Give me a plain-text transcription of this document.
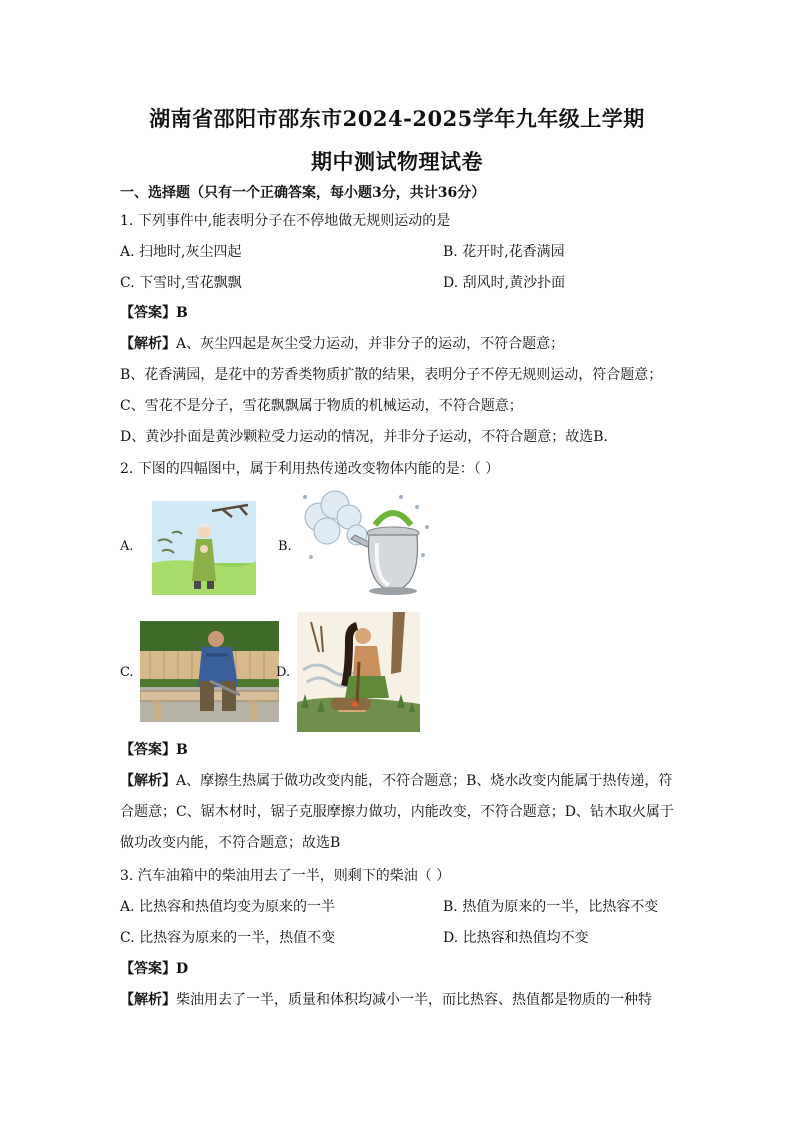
湖南省邵阳市邵东市2024-2025学年九年级上学期
期中测试物理试卷
一、选择题（只有一个正确答案，每小题3分，共计36分）
1. 下列事件中,能表明分子在不停地做无规则运动的是
A. 扫地时,灰尘四起	B. 花开时,花香满园
C. 下雪时,雪花飘飘	D. 刮风时,黄沙扑面
【答案】B
【解析】A、灰尘四起是灰尘受力运动，并非分子的运动，不符合题意；
B、花香满园，是花中的芳香类物质扩散的结果，表明分子不停无规则运动，符合题意；
C、雪花不是分子，雪花飘飘属于物质的机械运动，不符合题意；
D、黄沙扑面是黄沙颗粒受力运动的情况，并非分子运动，不符合题意；故选B．
2. 下图的四幅图中，属于利用热传递改变物体内能的是：（ ）
A.	B.
C.	D.
【答案】B
【解析】A、摩擦生热属于做功改变内能，不符合题意；B、烧水改变内能属于热传递，符
合题意；C、锯木材时，锯子克服摩擦力做功，内能改变，不符合题意；D、钻木取火属于
做功改变内能，不符合题意；故选B
3. 汽车油箱中的柴油用去了一半，则剩下的柴油（ ）
A. 比热容和热值均变为原来的一半	B. 热值为原来的一半，比热容不变
C. 比热容为原来的一半，热值不变	D. 比热容和热值均不变
【答案】D
【解析】柴油用去了一半，质量和体积均减小一半，而比热容、热值都是物质的一种特
